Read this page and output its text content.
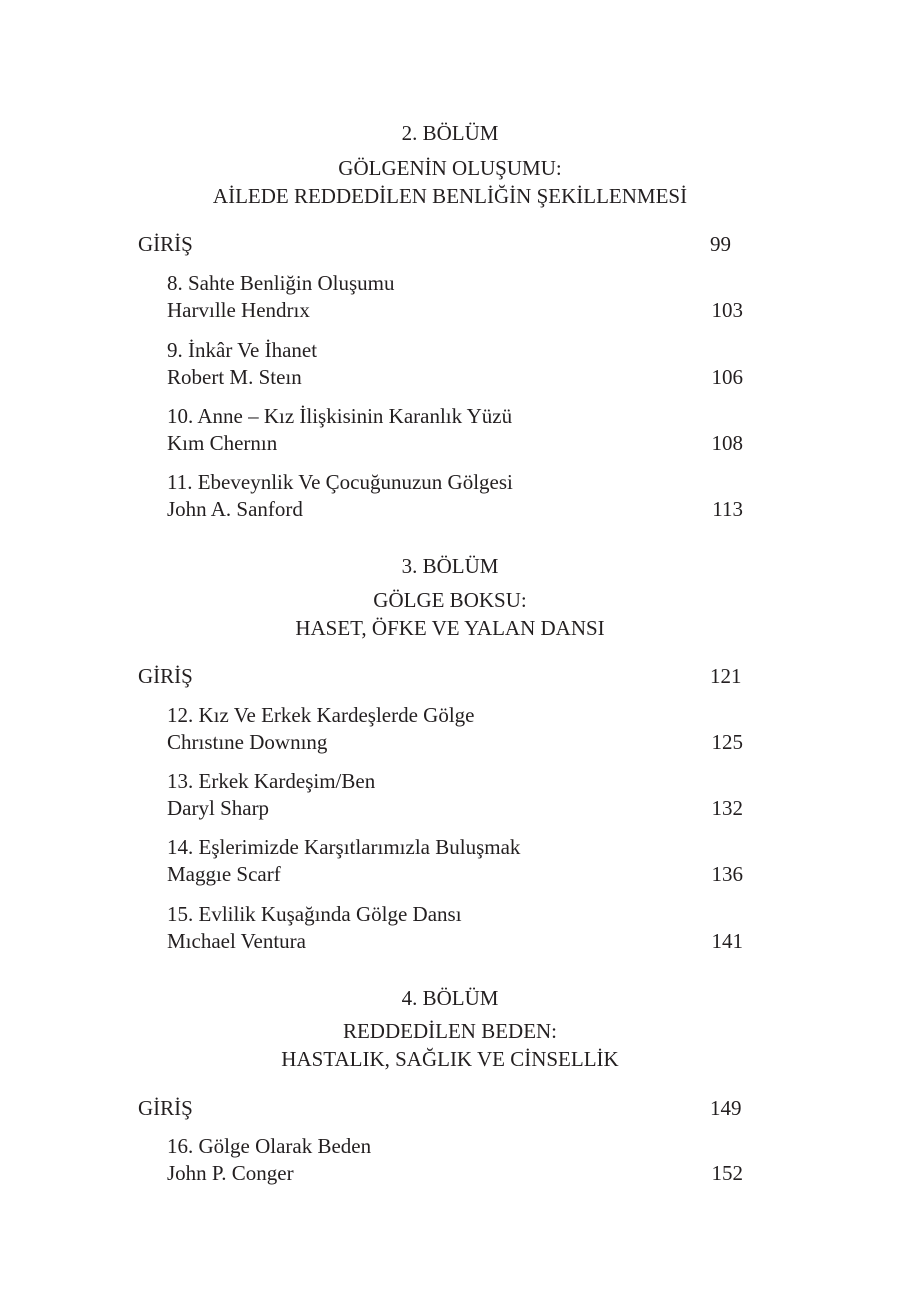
2. BÖLÜM
GÖLGENİN OLUŞUMU:
AİLEDE REDDEDİLEN BENLİĞİN ŞEKİLLENMESİ
GİRİŞ	99
8. Sahte Benliğin Oluşumu
Harvılle Hendrıx	103
9. İnkâr Ve İhanet
Robert M. Steın	106
10. Anne – Kız İlişkisinin Karanlık Yüzü
Kım Chernın	108
11. Ebeveynlik Ve Çocuğunuzun Gölgesi
John A. Sanford	113
3. BÖLÜM
GÖLGE BOKSU:
HASET, ÖFKE VE YALAN DANSI
GİRİŞ	121
12. Kız Ve Erkek Kardeşlerde Gölge
Chrıstıne Downıng	125
13. Erkek Kardeşim/Ben
Daryl Sharp	132
14. Eşlerimizde Karşıtlarımızla Buluşmak
Maggıe Scarf	136
15. Evlilik Kuşağında Gölge Dansı
Mıchael Ventura	141
4. BÖLÜM
REDDEDİLEN BEDEN:
HASTALIK, SAĞLIK VE CİNSELLİK
GİRİŞ	149
16. Gölge Olarak Beden
John P. Conger	152
